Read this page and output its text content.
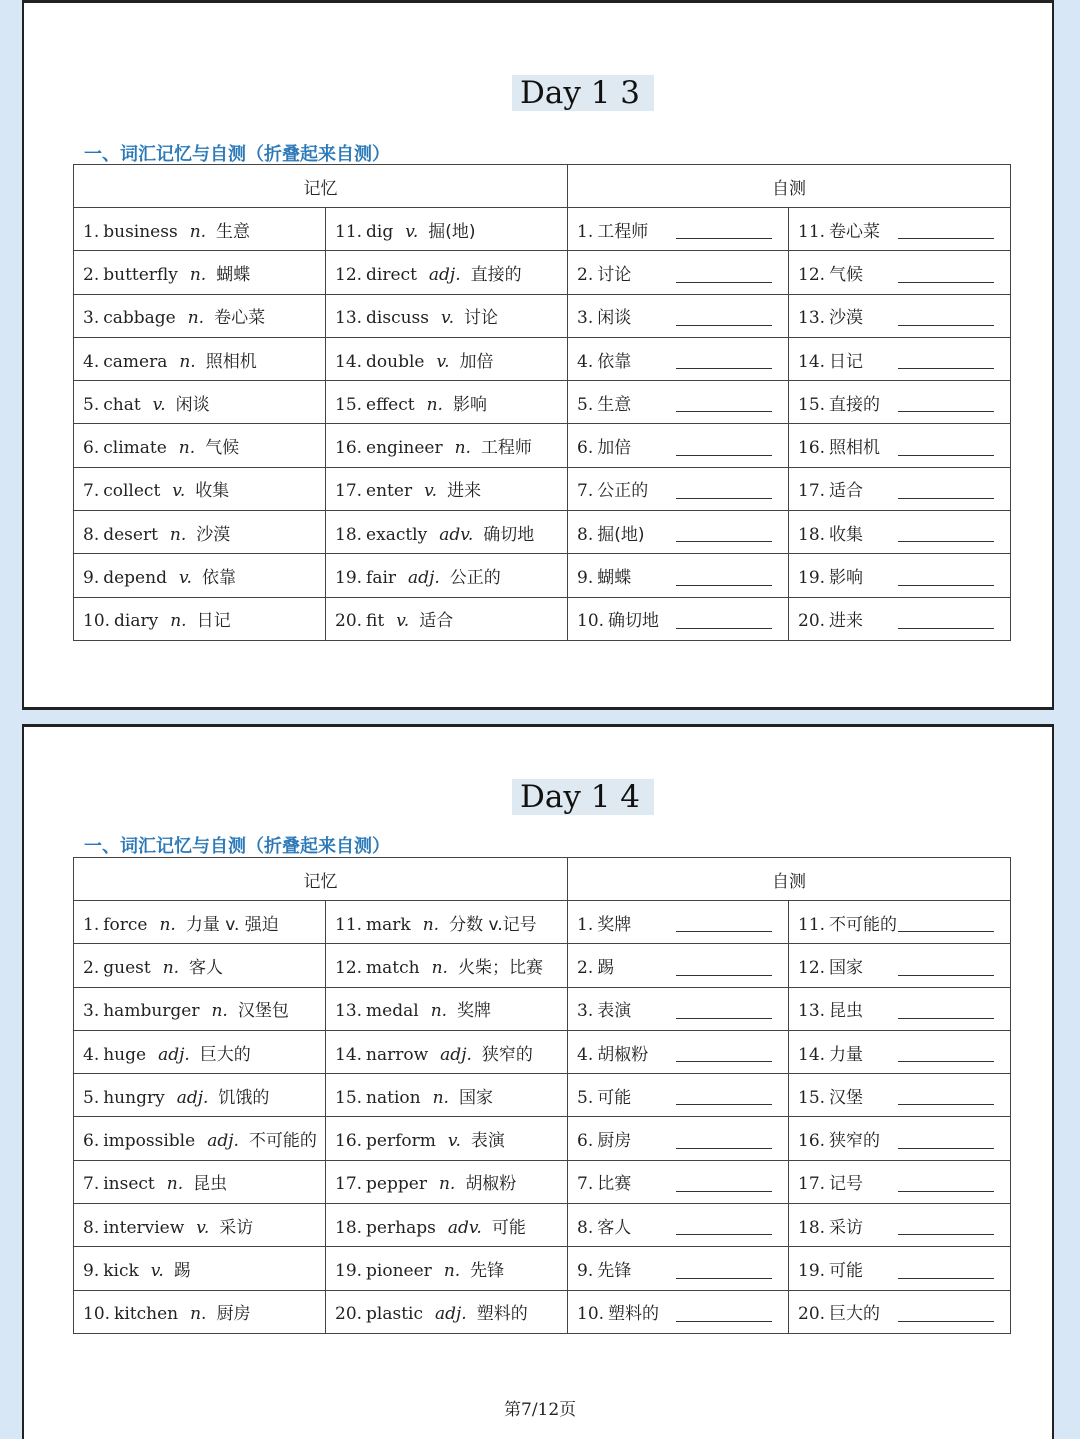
Day 1 3
一、词汇记忆与自测（折叠起来自测）
记忆		自测	
1. business n. 生意	11. dig v. 掘(地)	1. 工程师	11. 卷心菜

2. butterfly n. 蝴蝶	12. direct adj. 直接的	2. 讨论	12. 气候

3. cabbage n. 卷心菜	13. discuss v. 讨论	3. 闲谈	13. 沙漠

4. camera n. 照相机	14. double v. 加倍	4. 依靠	14. 日记

5. chat v. 闲谈	15. effect n. 影响	5. 生意	15. 直接的

6. climate n. 气候	16. engineer n. 工程师	6. 加倍	16. 照相机

7. collect v. 收集	17. enter v. 进来	7. 公正的	17. 适合

8. desert n. 沙漠	18. exactly adv. 确切地	8. 掘(地)	18. 收集

9. depend v. 依靠	19. fair adj. 公正的	9. 蝴蝶	19. 影响

10. diary n. 日记	20. fit v. 适合	10. 确切地	20. 进来
Day 1 4
一、词汇记忆与自测（折叠起来自测）
记忆		自测	
1. force n. 力量 v. 强迫	11. mark n. 分数 v.记号	1. 奖牌	11. 不可能的

2. guest n. 客人	12. match n. 火柴；比赛	2. 踢	12. 国家

3. hamburger n. 汉堡包	13. medal n. 奖牌	3. 表演	13. 昆虫

4. huge adj. 巨大的	14. narrow adj. 狭窄的	4. 胡椒粉	14. 力量

5. hungry adj. 饥饿的	15. nation n. 国家	5. 可能	15. 汉堡

6. impossible adj. 不可能的	16. perform v. 表演	6. 厨房	16. 狭窄的

7. insect n. 昆虫	17. pepper n. 胡椒粉	7. 比赛	17. 记号

8. interview v. 采访	18. perhaps adv. 可能	8. 客人	18. 采访

9. kick v. 踢	19. pioneer n. 先锋	9. 先锋	19. 可能

10. kitchen n. 厨房	20. plastic adj. 塑料的	10. 塑料的	20. 巨大的
第7/12页
